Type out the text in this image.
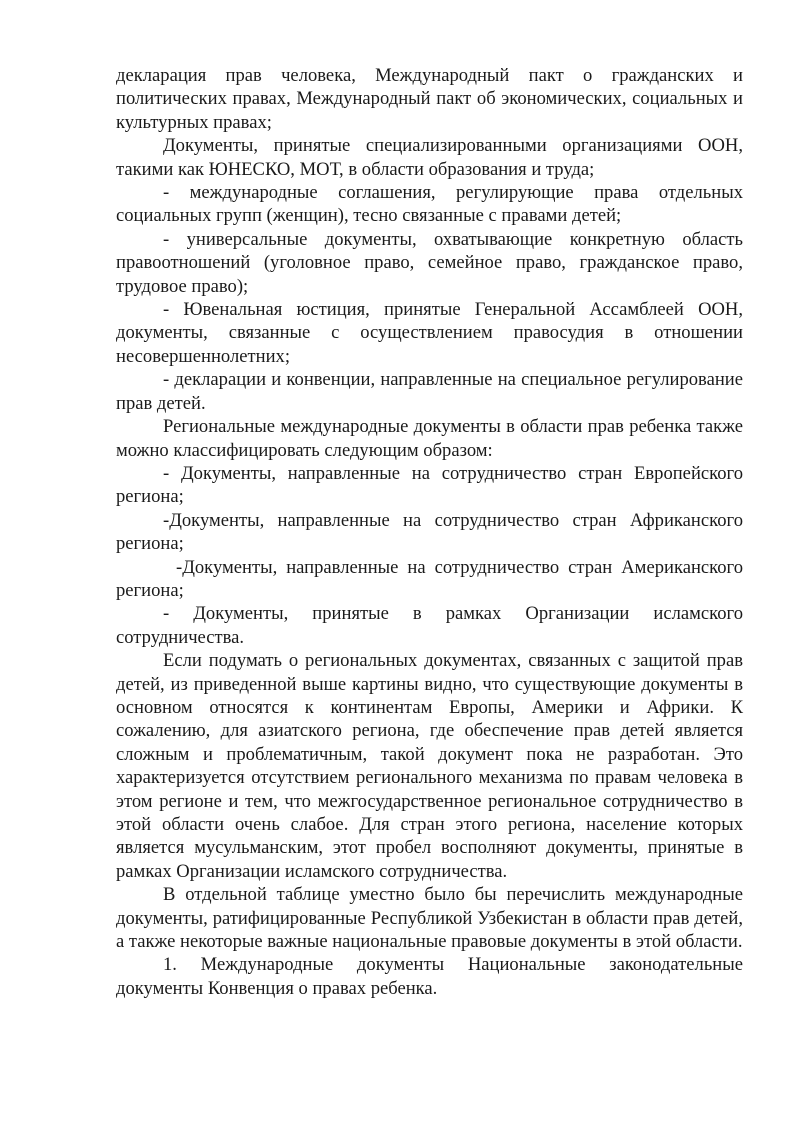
декларация прав человека, Международный пакт о гражданских и политических правах, Международный пакт об экономических, социальных и культурных правах;

Документы, принятые специализированными организациями ООН, такими как ЮНЕСКО, МОТ, в области образования и труда;

- международные соглашения, регулирующие права отдельных социальных групп (женщин), тесно связанные с правами детей;

- универсальные документы, охватывающие конкретную область правоотношений (уголовное право, семейное право, гражданское право, трудовое право);

- Ювенальная юстиция, принятые Генеральной Ассамблеей ООН, документы, связанные с осуществлением правосудия в отношении несовершеннолетних;

- декларации и конвенции, направленные на специальное регулирование прав детей.

Региональные международные документы в области прав ребенка также можно классифицировать следующим образом:

- Документы, направленные на сотрудничество стран Европейского региона;

-Документы, направленные на сотрудничество стран Африканского региона;

-Документы, направленные на сотрудничество стран Американского региона;

- Документы, принятые в рамках Организации исламского сотрудничества.

Если подумать о региональных документах, связанных с защитой прав детей, из приведенной выше картины видно, что существующие документы в основном относятся к континентам Европы, Америки и Африки. К сожалению, для азиатского региона, где обеспечение прав детей является сложным и проблематичным, такой документ пока не разработан. Это характеризуется отсутствием регионального механизма по правам человека в этом регионе и тем, что межгосударственное региональное сотрудничество в этой области очень слабое. Для стран этого региона, население которых является мусульманским, этот пробел восполняют документы, принятые в рамках Организации исламского сотрудничества.

В отдельной таблице уместно было бы перечислить международные документы, ратифицированные Республикой Узбекистан в области прав детей, а также некоторые важные национальные правовые документы в этой области.

1. Международные документы Национальные законодательные документы Конвенция о правах ребенка.
